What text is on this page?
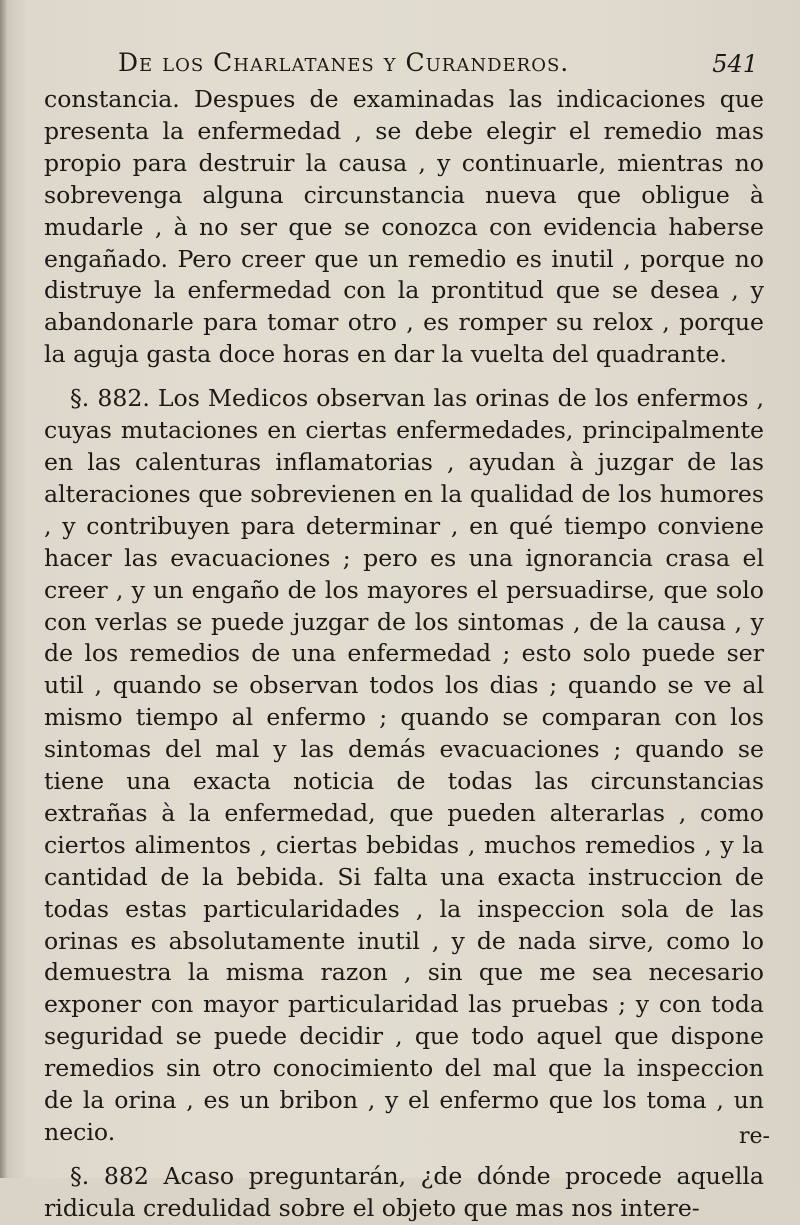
De los Charlatanes y Curanderos.	541

constancia. Despues de examinadas las indicaciones que presenta la enfermedad , se debe elegir el remedio mas propio para destruir la causa , y continuarle, mientras no sobrevenga alguna circunstancia nueva que obligue à mudarle , à no ser que se conozca con evidencia haberse engañado. Pero creer que un remedio es inutil , porque no distruye la enfermedad con la prontitud que se desea , y abandonarle para tomar otro , es romper su relox , porque la aguja gasta doce horas en dar la vuelta del quadrante.

§. 882. Los Medicos observan las orinas de los enfermos , cuyas mutaciones en ciertas enfermedades, principalmente en las calenturas inflamatorias , ayudan à juzgar de las alteraciones que sobrevienen en la qualidad de los humores , y contribuyen para determinar , en qué tiempo conviene hacer las evacuaciones ; pero es una ignorancia crasa el creer , y un engaño de los mayores el persuadirse, que solo con verlas se puede juzgar de los sintomas , de la causa , y de los remedios de una enfermedad ; esto solo puede ser util , quando se observan todos los dias ; quando se ve al mismo tiempo al enfermo ; quando se comparan con los sintomas del mal y las demás evacuaciones ; quando se tiene una exacta noticia de todas las circunstancias extrañas à la enfermedad, que pueden alterarlas , como ciertos alimentos , ciertas bebidas , muchos remedios , y la cantidad de la bebida. Si falta una exacta instruccion de todas estas particularidades , la inspeccion sola de las orinas es absolutamente inutil , y de nada sirve, como lo demuestra la misma razon , sin que me sea necesario exponer con mayor particularidad las pruebas ; y con toda seguridad se puede decidir , que todo aquel que dispone remedios sin otro conocimiento del mal que la inspeccion de la orina , es un bribon , y el enfermo que los toma , un necio.

§. 882 Acaso preguntarán, ¿de dónde procede aquella ridicula credulidad sobre el objeto que mas nos intere-

re-
